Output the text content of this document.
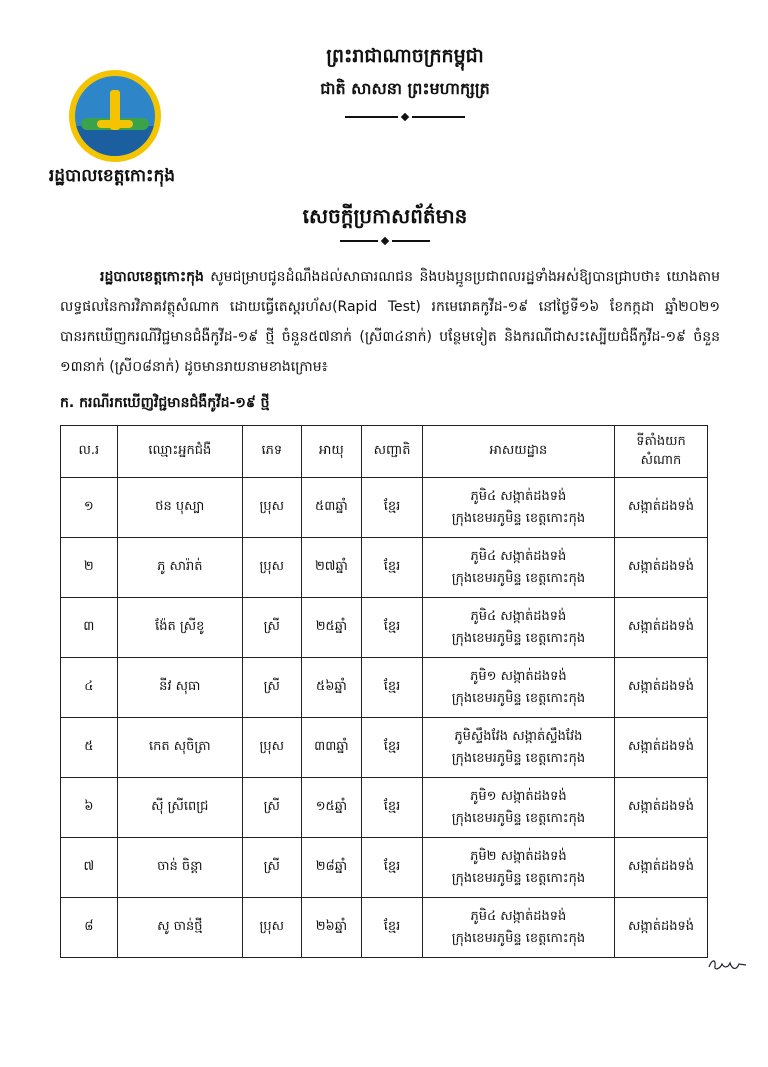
រដ្ឋបាលខេត្តកោះកុង
ព្រះរាជាណាចក្រកម្ពុជា
ជាតិ សាសនា ព្រះមហាក្សត្រ
សេចក្តីប្រកាសព័ត៌មាន
រដ្ឋបាលខេត្តកោះកុង សូមជម្រាបជូនដំណឹងដល់សាធារណជន និងបងប្អូនប្រជាពលរដ្ឋទាំងអស់ឱ្យបានជ្រាបថា៖ យោងតាមលទ្ធផលនៃការវិភាគវត្ថុសំណាក ដោយធ្វើតេស្តរហ័ស(Rapid Test) រកមេរោគកូវីដ-១៩ នៅថ្ងៃទី១៦ ខែកក្កដា ឆ្នាំ២០២១ បានរកឃើញករណីវិជ្ជមានជំងឺកូវីដ-១៩ ថ្មី ចំនួន៥៧នាក់ (ស្រី៣៤នាក់) បន្ថែមទៀត និងករណីជាសះស្បើយជំងឺកូវីដ-១៩ ចំនួន ១៣នាក់ (ស្រី០៨នាក់) ដូចមានរាយនាមខាងក្រោម៖
ក. ករណីរកឃើញវិជ្ជមានជំងឺកូវីដ-១៩ ថ្មី
ល.រ	ឈ្មោះអ្នកជំងឺ	ភេទ	អាយុ	សញ្ជាតិ	អាសយដ្ឋាន	ទីតាំងយកសំណាក
១	ថន បុស្បា	ប្រុស	៥៣ឆ្នាំ	ខ្មែរ	ភូមិ៤ សង្កាត់ដងទង់
ក្រុងខេមរភូមិន្ទ ខេត្តកោះកុង	សង្កាត់ដងទង់
២	ភូ សារ៉ាត់	ប្រុស	២៧ឆ្នាំ	ខ្មែរ	ភូមិ៤ សង្កាត់ដងទង់
ក្រុងខេមរភូមិន្ទ ខេត្តកោះកុង	សង្កាត់ដងទង់
៣	ង៉ែត ស្រីខូ	ស្រី	២៥ឆ្នាំ	ខ្មែរ	ភូមិ៤ សង្កាត់ដងទង់
ក្រុងខេមរភូមិន្ទ ខេត្តកោះកុង	សង្កាត់ដងទង់
៤	នីវ សុធា	ស្រី	៥៦ឆ្នាំ	ខ្មែរ	ភូមិ១ សង្កាត់ដងទង់
ក្រុងខេមរភូមិន្ទ ខេត្តកោះកុង	សង្កាត់ដងទង់
៥	កេត សុចិត្រា	ប្រុស	៣៣ឆ្នាំ	ខ្មែរ	ភូមិស្ទឹងវែង សង្កាត់ស្ទឹងវែង
ក្រុងខេមរភូមិន្ទ ខេត្តកោះកុង	សង្កាត់ដងទង់
៦	ស៊ី ស្រីពេជ្រ	ស្រី	១៥ឆ្នាំ	ខ្មែរ	ភូមិ១ សង្កាត់ដងទង់
ក្រុងខេមរភូមិន្ទ ខេត្តកោះកុង	សង្កាត់ដងទង់
៧	ចាន់ ចិន្តា	ស្រី	២៨ឆ្នាំ	ខ្មែរ	ភូមិ២ សង្កាត់ដងទង់
ក្រុងខេមរភូមិន្ទ ខេត្តកោះកុង	សង្កាត់ដងទង់
៨	សូ ចាន់ថ្មី	ប្រុស	២៦ឆ្នាំ	ខ្មែរ	ភូមិ៤ សង្កាត់ដងទង់
ក្រុងខេមរភូមិន្ទ ខេត្តកោះកុង	សង្កាត់ដងទង់
